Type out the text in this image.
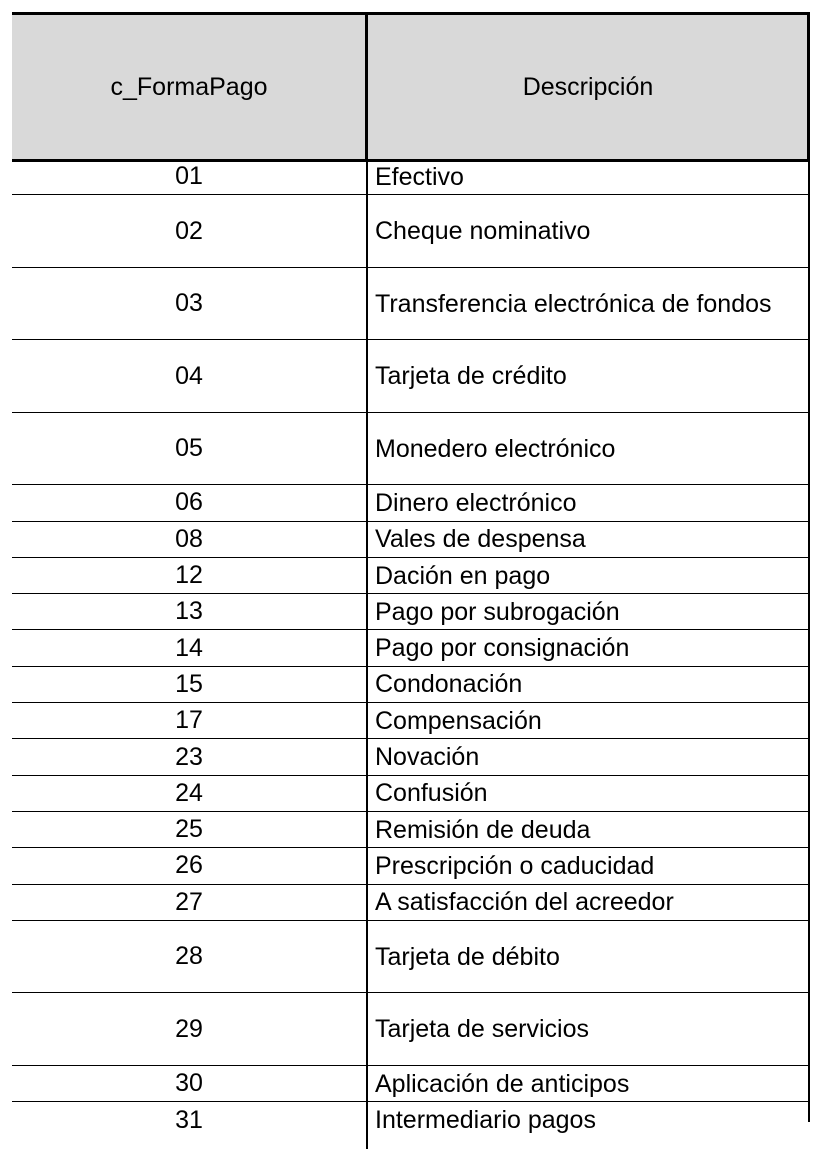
c_FormaPago	Descripción
01	Efectivo
02	Cheque nominativo
03	Transferencia electrónica de fondos
04	Tarjeta de crédito
05	Monedero electrónico
06	Dinero electrónico
08	Vales de despensa
12	Dación en pago
13	Pago por subrogación
14	Pago por consignación
15	Condonación
17	Compensación
23	Novación
24	Confusión
25	Remisión de deuda
26	Prescripción o caducidad
27	A satisfacción del acreedor
28	Tarjeta de débito
29	Tarjeta de servicios
30	Aplicación de anticipos
31	Intermediario pagos
